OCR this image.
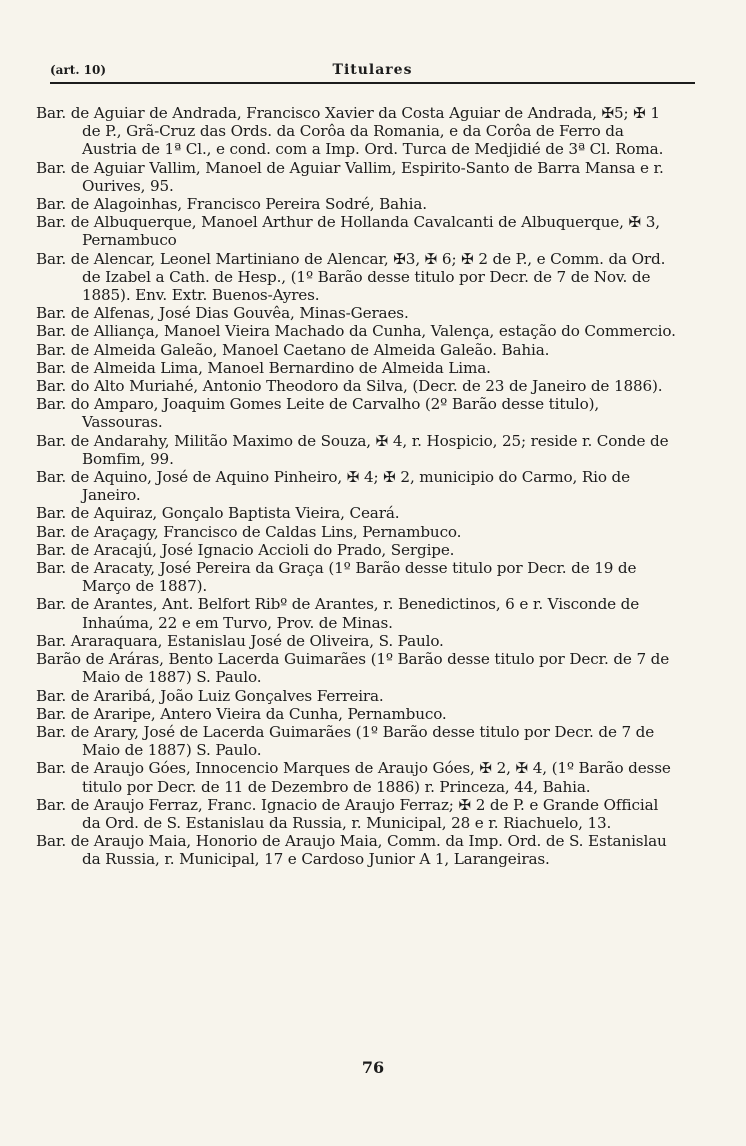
(art. 10)	Titulares

Bar. de Aguiar de Andrada, Francisco Xavier da Costa Aguiar de Andrada, ✠5; ✠ 1 de P., Grã-Cruz das Ords. da Corôa da Romania, e da Corôa de Ferro da Austria de 1ª Cl., e cond. com a Imp. Ord. Turca de Medjidié de 3ª Cl. Roma.

Bar. de Aguiar Vallim, Manoel de Aguiar Vallim, Espirito-Santo de Barra Mansa e r. Ourives, 95.

Bar. de Alagoinhas, Francisco Pereira Sodré, Bahia.

Bar. de Albuquerque, Manoel Arthur de Hollanda Cavalcanti de Albuquerque, ✠ 3, Pernambuco

Bar. de Alencar, Leonel Martiniano de Alencar, ✠3, ✠ 6; ✠ 2 de P., e Comm. da Ord. de Izabel a Cath. de Hesp., (1º Barão desse titulo por Decr. de 7 de Nov. de 1885). Env. Extr. Buenos-Ayres.

Bar. de Alfenas, José Dias Gouvêa, Minas-Geraes.

Bar. de Alliança, Manoel Vieira Machado da Cunha, Valença, estação do Commercio.

Bar. de Almeida Galeão, Manoel Caetano de Almeida Galeão. Bahia.

Bar. de Almeida Lima, Manoel Bernardino de Almeida Lima.

Bar. do Alto Muriahé, Antonio Theodoro da Silva, (Decr. de 23 de Janeiro de 1886).

Bar. do Amparo, Joaquim Gomes Leite de Carvalho (2º Barão desse titulo), Vassouras.

Bar. de Andarahy, Militão Maximo de Souza, ✠ 4, r. Hospicio, 25; reside r. Conde de Bomfim, 99.

Bar. de Aquino, José de Aquino Pinheiro, ✠ 4; ✠ 2, municipio do Carmo, Rio de Janeiro.

Bar. de Aquiraz, Gonçalo Baptista Vieira, Ceará.

Bar. de Araçagy, Francisco de Caldas Lins, Pernambuco.

Bar. de Aracajú, José Ignacio Accioli do Prado, Sergipe.

Bar. de Aracaty, José Pereira da Graça (1º Barão desse titulo por Decr. de 19 de Março de 1887).

Bar. de Arantes, Ant. Belfort Ribº de Arantes, r. Benedictinos, 6 e r. Visconde de Inhaúma, 22 e em Turvo, Prov. de Minas.

Bar. Araraquara, Estanislau José de Oliveira, S. Paulo.

Barão de Aráras, Bento Lacerda Guimarães (1º Barão desse titulo por Decr. de 7 de Maio de 1887) S. Paulo.

Bar. de Araribá, João Luiz Gonçalves Ferreira.

Bar. de Araripe, Antero Vieira da Cunha, Pernambuco.

Bar. de Arary, José de Lacerda Guimarães (1º Barão desse titulo por Decr. de 7 de Maio de 1887) S. Paulo.

Bar. de Araujo Góes, Innocencio Marques de Araujo Góes, ✠ 2, ✠ 4, (1º Barão desse titulo por Decr. de 11 de Dezembro de 1886) r. Princeza, 44, Bahia.

Bar. de Araujo Ferraz, Franc. Ignacio de Araujo Ferraz; ✠ 2 de P. e Grande Official da Ord. de S. Estanislau da Russia, r. Municipal, 28 e r. Riachuelo, 13.

Bar. de Araujo Maia, Honorio de Araujo Maia, Comm. da Imp. Ord. de S. Estanislau da Russia, r. Municipal, 17 e Cardoso Junior A 1, Larangeiras.

76
